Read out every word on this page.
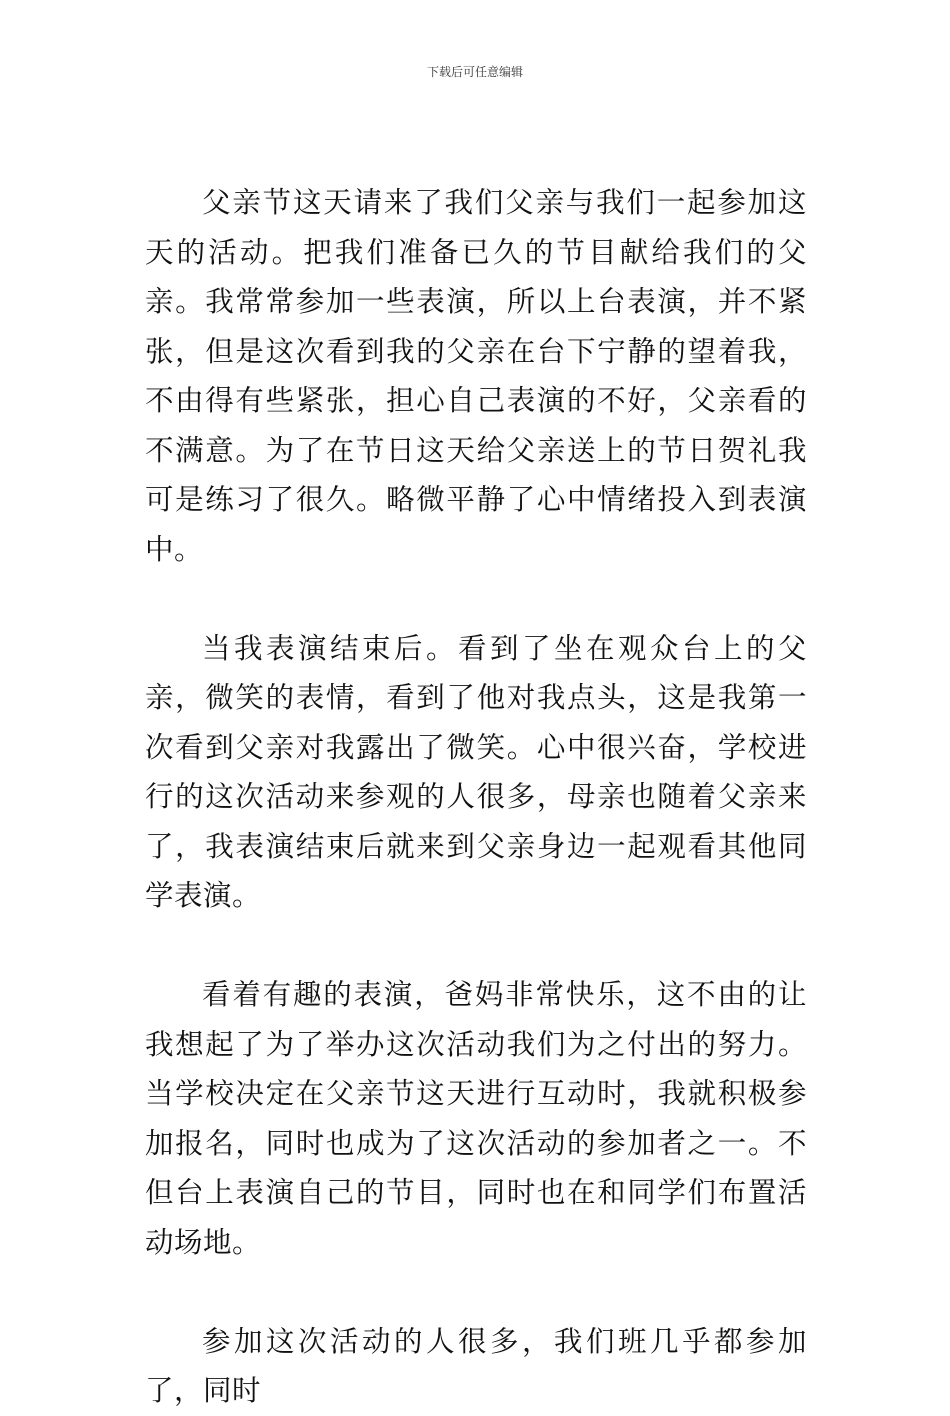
下载后可任意编辑

父亲节这天请来了我们父亲与我们一起参加这天的活动。把我们准备已久的节目献给我们的父亲。我常常参加一些表演，所以上台表演，并不紧张，但是这次看到我的父亲在台下宁静的望着我，不由得有些紧张，担心自己表演的不好，父亲看的不满意。为了在节日这天给父亲送上的节日贺礼我可是练习了很久。略微平静了心中情绪投入到表演中。

当我表演结束后。看到了坐在观众台上的父亲，微笑的表情，看到了他对我点头，这是我第一次看到父亲对我露出了微笑。心中很兴奋，学校进行的这次活动来参观的人很多，母亲也随着父亲来了，我表演结束后就来到父亲身边一起观看其他同学表演。

看着有趣的表演，爸妈非常快乐，这不由的让我想起了为了举办这次活动我们为之付出的努力。当学校决定在父亲节这天进行互动时，我就积极参加报名，同时也成为了这次活动的参加者之一。不但台上表演自己的节目，同时也在和同学们布置活动场地。

参加这次活动的人很多，我们班几乎都参加了，同时
